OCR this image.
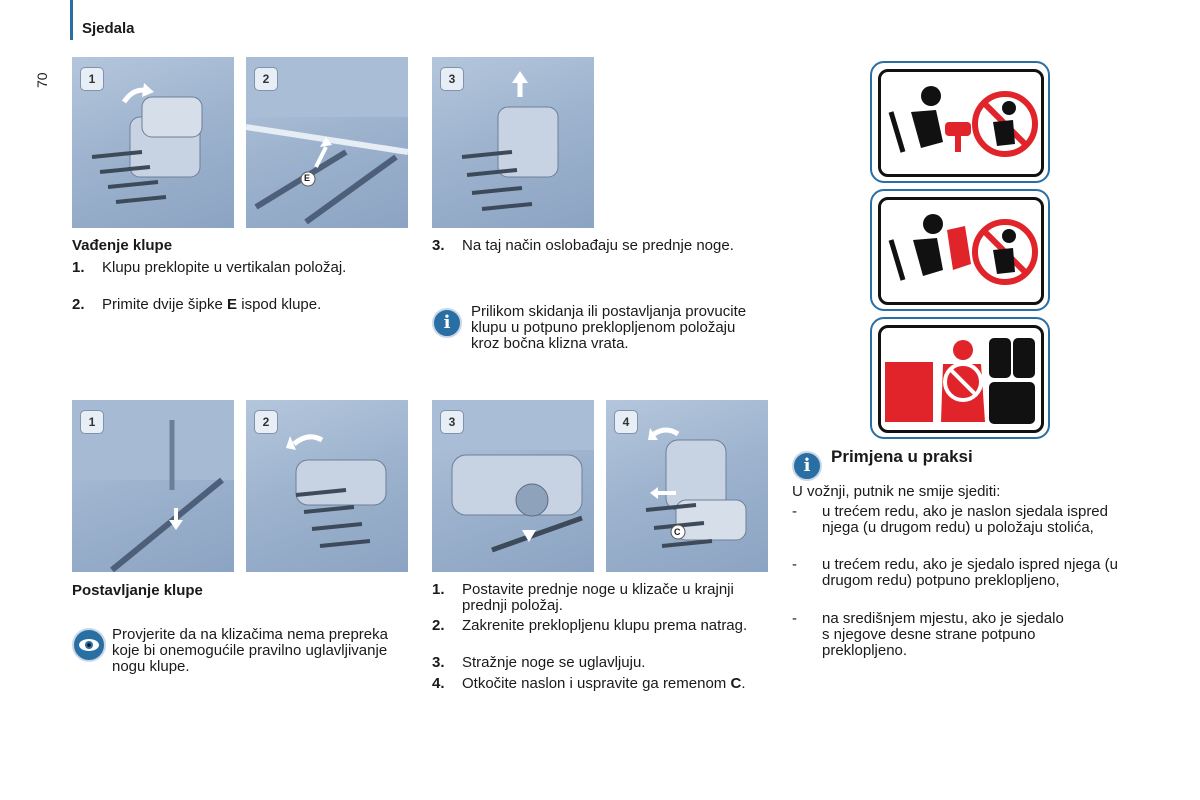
Sjedala
70	1
E
2	3
Vađenje klupe
1. Klupu preklopite u vertikalan položaj.
2. Primite dvije šipke E ispod klupe.
3. Na taj način oslobađaju se prednje noge.
i
Prilikom skidanja ili postavljanja provucite klupu u potpuno preklopljenom položaju kroz bočna klizna vrata.
1	2	3
C
4
Postavljanje klupe
Provjerite da na klizačima nema prepreka koje bi onemogućile pravilno uglavljivanje nogu klupe.
1. Postavite prednje noge u klizače u krajnji prednji položaj.
2. Zakrenite preklopljenu klupu prema natrag.
3. Stražnje noge se uglavljuju.
4. Otkočite naslon i uspravite ga remenom C.
i	Primjena u praksi
U vožnji, putnik ne smije sjediti:
- u trećem redu, ako je naslon sjedala ispred njega (u drugom redu) u položaju stolića,
- u trećem redu, ako je sjedalo ispred njega (u drugom redu) potpuno preklopljeno,
- na središnjem mjestu, ako je sjedalo s njegove desne strane potpuno preklopljeno.
